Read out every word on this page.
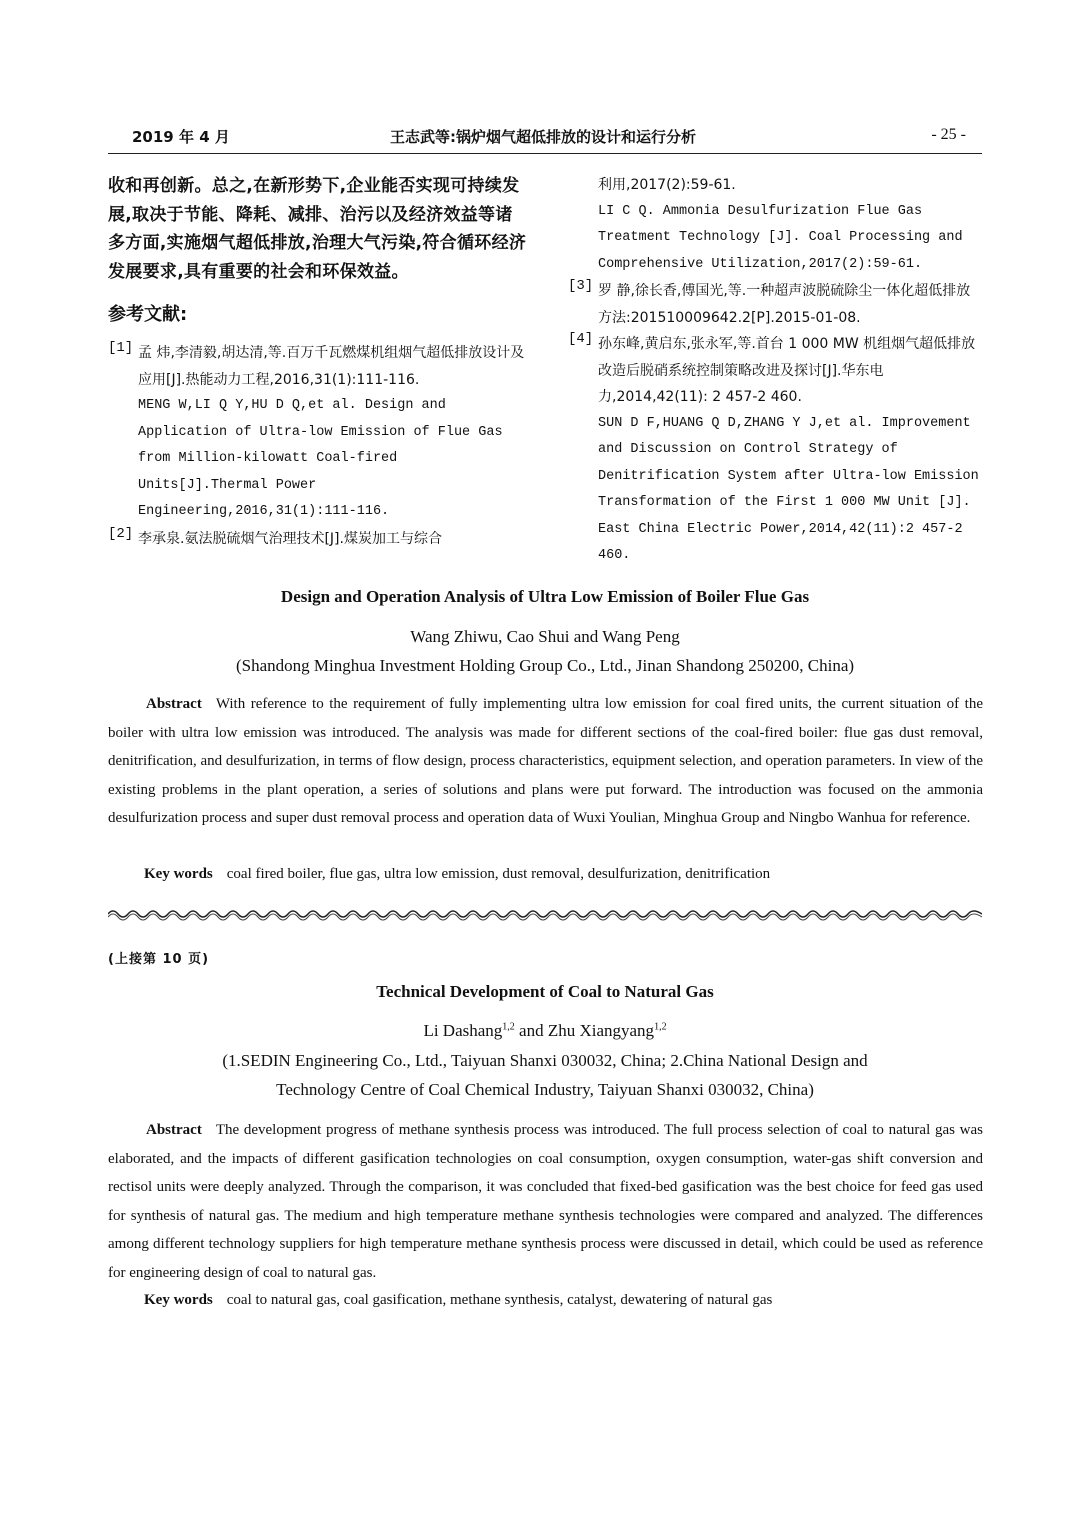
2019 年 4 月	王志武等:锅炉烟气超低排放的设计和运行分析	- 25 -

收和再创新。总之,在新形势下,企业能否实现可持续发展,取决于节能、降耗、减排、治污以及经济效益等诸多方面,实施烟气超低排放,治理大气污染,符合循环经济发展要求,具有重要的社会和环保效益。

参考文献:
[1] 孟 炜,李清毅,胡达清,等.百万千瓦燃煤机组烟气超低排放设计及应用[J].热能动力工程,2016,31(1):111-116.

MENG W,LI Q Y,HU D Q,et al. Design and Application of Ultra-low Emission of Flue Gas from Million-kilowatt Coal-fired Units[J].Thermal Power Engineering,2016,31(1):111-116.

[2] 李承泉.氨法脱硫烟气治理技术[J].煤炭加工与综合

利用,2017(2):59-61.

LI C Q. Ammonia Desulfurization Flue Gas Treatment Technology [J]. Coal Processing and Comprehensive Utilization,2017(2):59-61.

[3] 罗 静,徐长香,傅国光,等.一种超声波脱硫除尘一体化超低排放方法:201510009642.2[P].2015-01-08.

[4] 孙东峰,黄启东,张永军,等.首台 1 000 MW 机组烟气超低排放改造后脱硝系统控制策略改进及探讨[J].华东电力,2014,42(11): 2 457-2 460.

SUN D F,HUANG Q D,ZHANG Y J,et al. Improvement and Discussion on Control Strategy of Denitrification System after Ultra-low Emission Transformation of the First 1 000 MW Unit [J]. East China Electric Power,2014,42(11):2 457-2 460.

Design and Operation Analysis of Ultra Low Emission of Boiler Flue Gas
Wang Zhiwu, Cao Shui and Wang Peng
(Shandong Minghua Investment Holding Group Co., Ltd., Jinan Shandong 250200, China)

Abstract With reference to the requirement of fully implementing ultra low emission for coal fired units, the current situation of the boiler with ultra low emission was introduced. The analysis was made for different sections of the coal-fired boiler: flue gas dust removal, denitrification, and desulfurization, in terms of flow design, process characteristics, equipment selection, and operation parameters. In view of the existing problems in the plant operation, a series of solutions and plans were put forward. The introduction was focused on the ammonia desulfurization process and super dust removal process and operation data of Wuxi Youlian, Minghua Group and Ningbo Wanhua for reference.

Key words coal fired boiler, flue gas, ultra low emission, dust removal, desulfurization, denitrification
(上接第 10 页)
Technical Development of Coal to Natural Gas
Li Dashang$^{1,2}$ and Zhu Xiangyang$^{1,2}$
(1.SEDIN Engineering Co., Ltd., Taiyuan Shanxi 030032, China; 2.China National Design and
Technology Centre of Coal Chemical Industry, Taiyuan Shanxi 030032, China)

Abstract The development progress of methane synthesis process was introduced. The full process selection of coal to natural gas was elaborated, and the impacts of different gasification technologies on coal consumption, oxygen consumption, water-gas shift conversion and rectisol units were deeply analyzed. Through the comparison, it was concluded that fixed-bed gasification was the best choice for feed gas used for synthesis of natural gas. The medium and high temperature methane synthesis technologies were compared and analyzed. The differences among different technology suppliers for high temperature methane synthesis process were discussed in detail, which could be used as reference for engineering design of coal to natural gas.

Key words coal to natural gas, coal gasification, methane synthesis, catalyst, dewatering of natural gas
